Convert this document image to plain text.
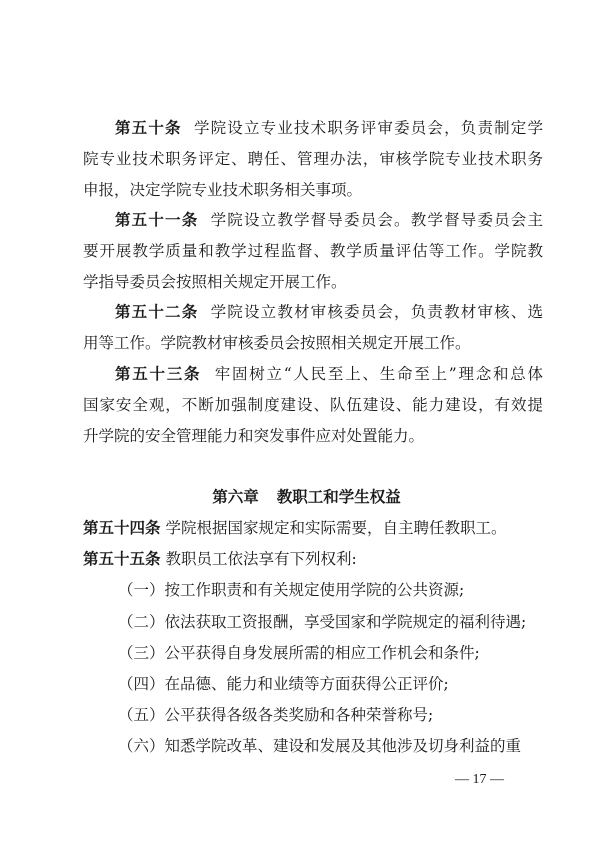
第五十条 学院设立专业技术职务评审委员会，负责制定学
院专业技术职务评定、聘任、管理办法，审核学院专业技术职务
申报，决定学院专业技术职务相关事项。
第五十一条 学院设立教学督导委员会。教学督导委员会主
要开展教学质量和教学过程监督、教学质量评估等工作。学院教
学指导委员会按照相关规定开展工作。
第五十二条 学院设立教材审核委员会，负责教材审核、选
用等工作。学院教材审核委员会按照相关规定开展工作。
第五十三条 牢固树立“人民至上、生命至上”理念和总体
国家安全观，不断加强制度建设、队伍建设、能力建设，有效提
升学院的安全管理能力和突发事件应对处置能力。
第六章 教职工和学生权益
第五十四条 学院根据国家规定和实际需要，自主聘任教职工。
第五十五条 教职员工依法享有下列权利:
（一）按工作职责和有关规定使用学院的公共资源;
（二）依法获取工资报酬，享受国家和学院规定的福利待遇;
（三）公平获得自身发展所需的相应工作机会和条件;
（四）在品德、能力和业绩等方面获得公正评价;
（五）公平获得各级各类奖励和各种荣誉称号;
（六）知悉学院改革、建设和发展及其他涉及切身利益的重
— 17 —
